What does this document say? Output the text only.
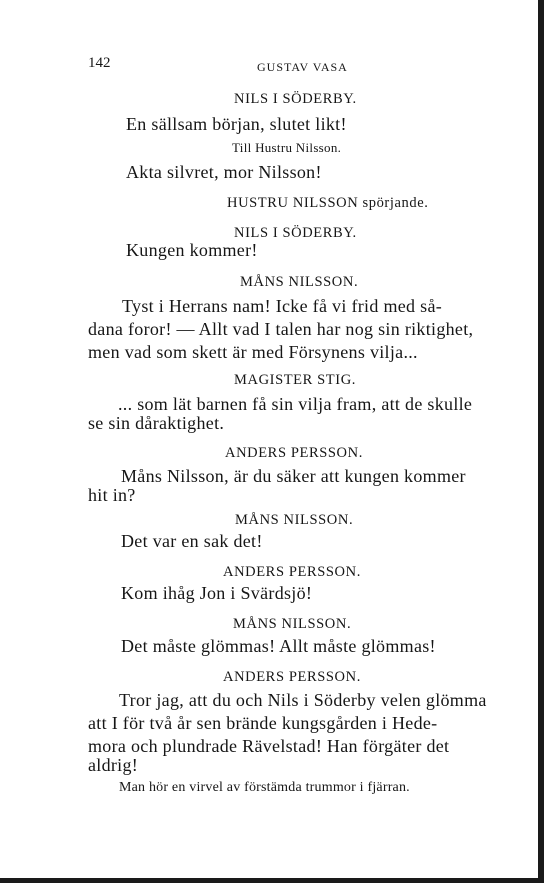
142	GUSTAV VASA
NILS I SÖDERBY.
En sällsam början, slutet likt!
Till Hustru Nilsson.
Akta silvret, mor Nilsson!
HUSTRU NILSSON spörjande.
NILS I SÖDERBY.
Kungen kommer!
MÅNS NILSSON.
Tyst i Herrans nam! Icke få vi frid med så-
dana foror! — Allt vad I talen har nog sin riktighet,
men vad som skett är med Försynens vilja...
MAGISTER STIG.
... som lät barnen få sin vilja fram, att de skulle
se sin dåraktighet.
ANDERS PERSSON.
Måns Nilsson, är du säker att kungen kommer
hit in?
MÅNS NILSSON.
Det var en sak det!
ANDERS PERSSON.
Kom ihåg Jon i Svärdsjö!
MÅNS NILSSON.
Det måste glömmas! Allt måste glömmas!
ANDERS PERSSON.
Tror jag, att du och Nils i Söderby velen glömma
att I för två år sen brände kungsgården i Hede-
mora och plundrade Rävelstad! Han förgäter det
aldrig!
Man hör en virvel av förstämda trummor i fjärran.
